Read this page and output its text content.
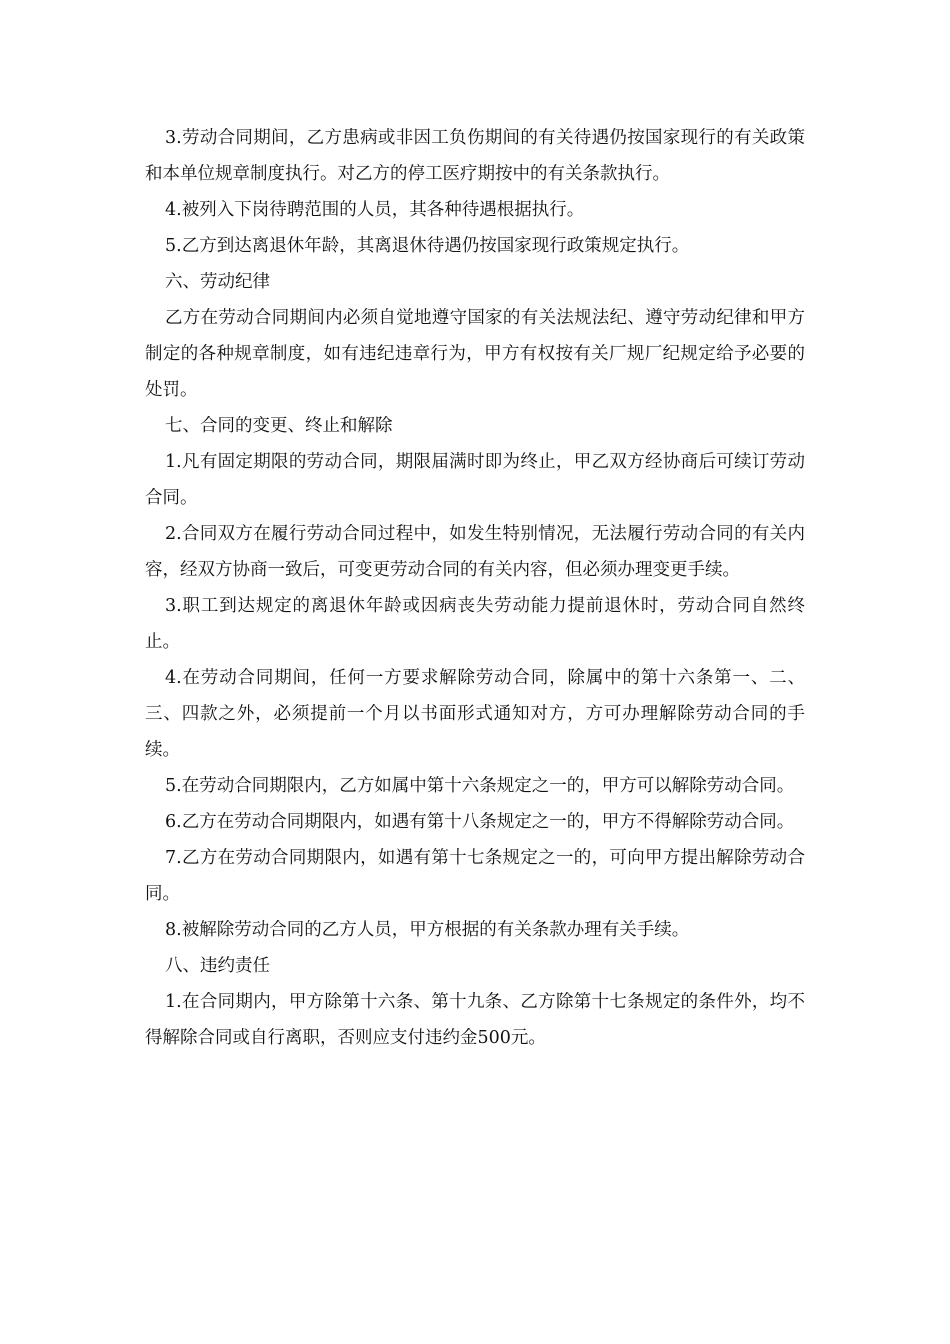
3.劳动合同期间，乙方患病或非因工负伤期间的有关待遇仍按国家现行的有关政策和本单位规章制度执行。对乙方的停工医疗期按中的有关条款执行。

4.被列入下岗待聘范围的人员，其各种待遇根据执行。

5.乙方到达离退休年龄，其离退休待遇仍按国家现行政策规定执行。

六、劳动纪律

乙方在劳动合同期间内必须自觉地遵守国家的有关法规法纪、遵守劳动纪律和甲方制定的各种规章制度，如有违纪违章行为，甲方有权按有关厂规厂纪规定给予必要的处罚。

七、合同的变更、终止和解除

1.凡有固定期限的劳动合同，期限届满时即为终止，甲乙双方经协商后可续订劳动合同。

2.合同双方在履行劳动合同过程中，如发生特别情况，无法履行劳动合同的有关内容，经双方协商一致后，可变更劳动合同的有关内容，但必须办理变更手续。

3.职工到达规定的离退休年龄或因病丧失劳动能力提前退休时，劳动合同自然终止。

4.在劳动合同期间，任何一方要求解除劳动合同，除属中的第十六条第一、二、三、四款之外，必须提前一个月以书面形式通知对方，方可办理解除劳动合同的手续。

5.在劳动合同期限内，乙方如属中第十六条规定之一的，甲方可以解除劳动合同。

6.乙方在劳动合同期限内，如遇有第十八条规定之一的，甲方不得解除劳动合同。

7.乙方在劳动合同期限内，如遇有第十七条规定之一的，可向甲方提出解除劳动合同。

8.被解除劳动合同的乙方人员，甲方根据的有关条款办理有关手续。

八、违约责任

1.在合同期内，甲方除第十六条、第十九条、乙方除第十七条规定的条件外，均不得解除合同或自行离职，否则应支付违约金500元。
